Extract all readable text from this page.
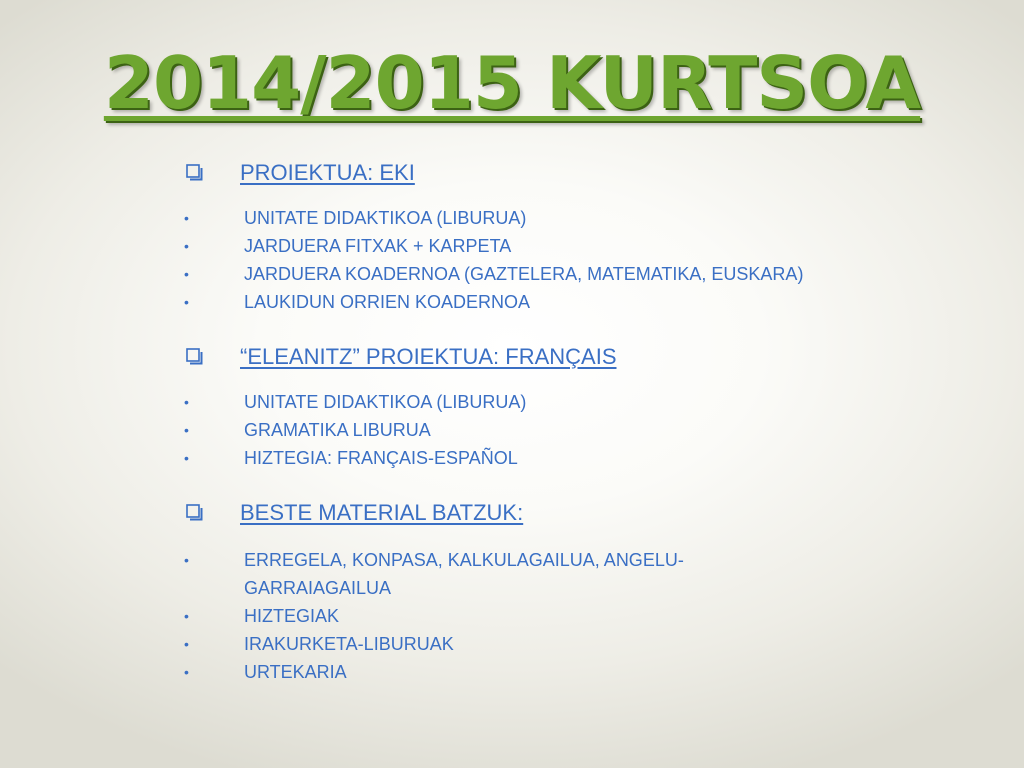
2014/2015 KURTSOA
PROIEKTUA: EKI
•	UNITATE DIDAKTIKOA (LIBURUA)
•	JARDUERA FITXAK + KARPETA
•	JARDUERA KOADERNOA (GAZTELERA, MATEMATIKA, EUSKARA)
•	LAUKIDUN ORRIEN KOADERNOA
“ELEANITZ” PROIEKTUA: FRANÇAIS
•	UNITATE DIDAKTIKOA (LIBURUA)
•	GRAMATIKA LIBURUA
•	HIZTEGIA: FRANÇAIS-ESPAÑOL
BESTE MATERIAL BATZUK:
•	ERREGELA, KONPASA, KALKULAGAILUA, ANGELU-GARRAIAGAILUA
•	HIZTEGIAK
•	IRAKURKETA-LIBURUAK
•	URTEKARIA
